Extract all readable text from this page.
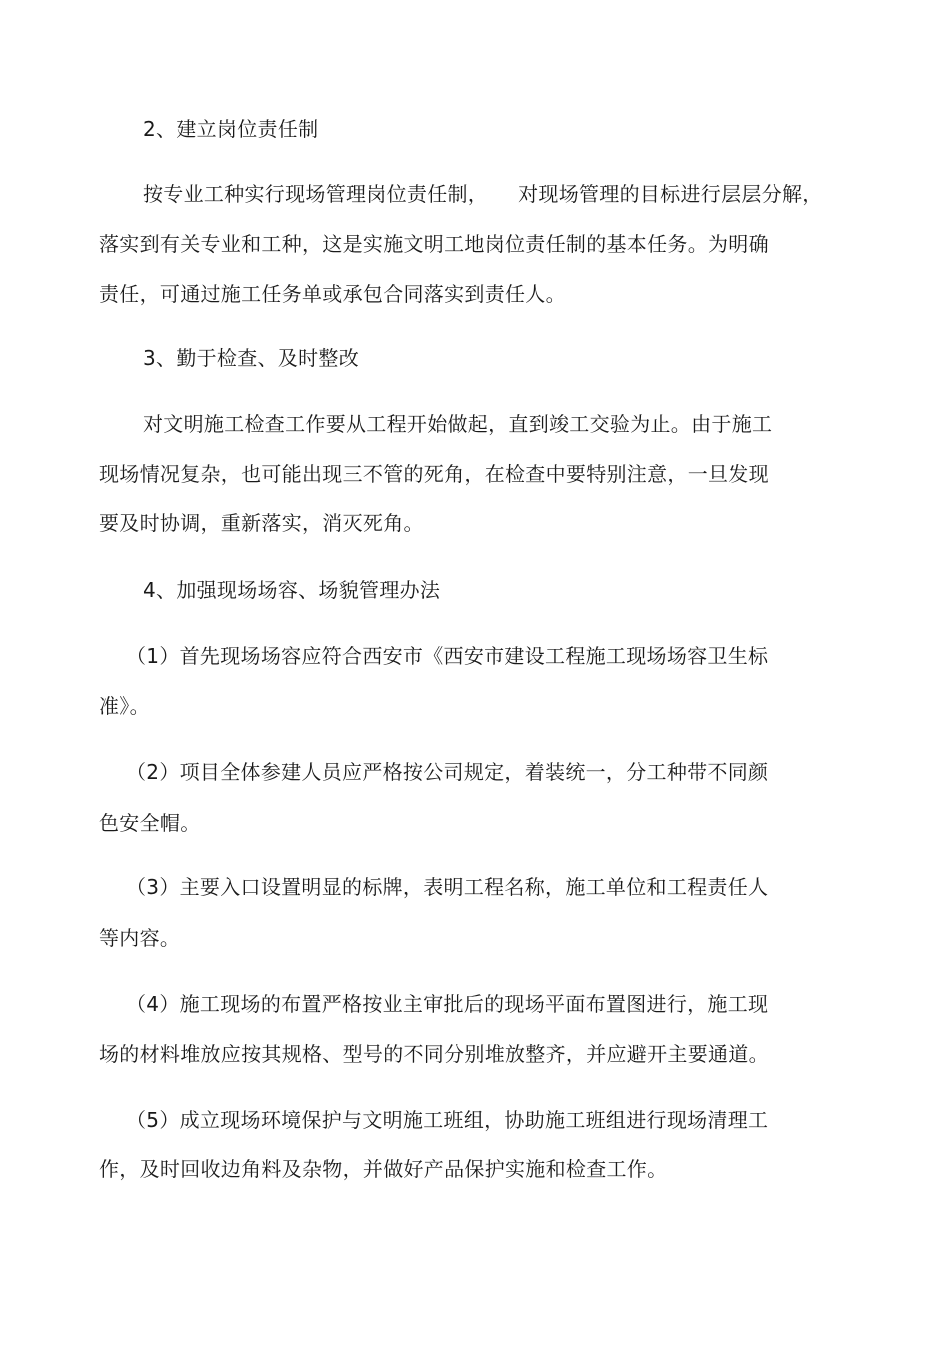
2、建立岗位责任制
按专业工种实行现场管理岗位责任制， 对现场管理的目标进行层层分解，
落实到有关专业和工种，这是实施文明工地岗位责任制的基本任务。为明确
责任，可通过施工任务单或承包合同落实到责任人。
3、勤于检查、及时整改
对文明施工检查工作要从工程开始做起，直到竣工交验为止。由于施工
现场情况复杂，也可能出现三不管的死角，在检查中要特别注意，一旦发现
要及时协调，重新落实，消灭死角。
4、加强现场场容、场貌管理办法
（1）首先现场场容应符合西安市《西安市建设工程施工现场场容卫生标
准》。
（2）项目全体参建人员应严格按公司规定，着装统一，分工种带不同颜
色安全帽。
（3）主要入口设置明显的标牌，表明工程名称，施工单位和工程责任人
等内容。
（4）施工现场的布置严格按业主审批后的现场平面布置图进行，施工现
场的材料堆放应按其规格、型号的不同分别堆放整齐，并应避开主要通道。
（5）成立现场环境保护与文明施工班组，协助施工班组进行现场清理工
作，及时回收边角料及杂物，并做好产品保护实施和检查工作。
